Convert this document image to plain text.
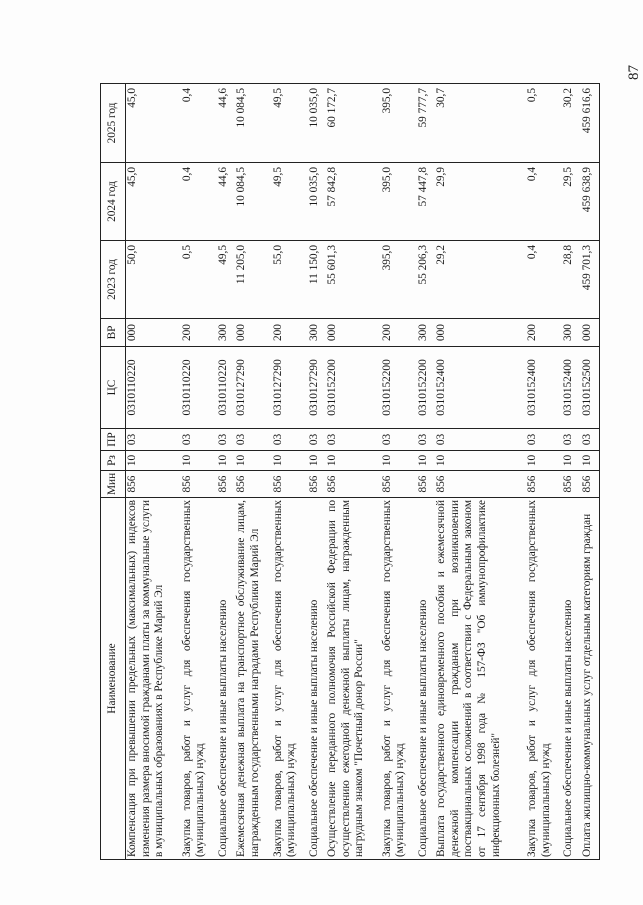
87
Наименование	Мин	Рз	ПР	ЦС	ВР	2023 год	2024 год	2025 год
Компенсация при превышении предельных (максимальных) индексов изменения размера вносимой гражданами платы за коммунальные услуги в муниципальных образованиях в Республике Марий Эл	856	10	03	0310110220	000	50,0	45,0	45,0
Закупка товаров, работ и услуг для обеспечения государственных (муниципальных) нужд	856	10	03	0310110220	200	0,5	0,4	0,4
Социальное обеспечение и иные выплаты населению	856	10	03	0310110220	300	49,5	44,6	44,6
Ежемесячная денежная выплата на транспортное обслуживание лицам, награжденным государственными наградами Республики Марий Эл	856	10	03	0310127290	000	11 205,0	10 084,5	10 084,5
Закупка товаров, работ и услуг для обеспечения государственных (муниципальных) нужд	856	10	03	0310127290	200	55,0	49,5	49,5
Социальное обеспечение и иные выплаты населению	856	10	03	0310127290	300	11 150,0	10 035,0	10 035,0
Осуществление переданного полномочия Российской Федерации по осуществлению ежегодной денежной выплаты лицам, награжденным нагрудным знаком "Почетный донор России"	856	10	03	0310152200	000	55 601,3	57 842,8	60 172,7
Закупка товаров, работ и услуг для обеспечения государственных (муниципальных) нужд	856	10	03	0310152200	200	395,0	395,0	395,0
Социальное обеспечение и иные выплаты населению	856	10	03	0310152200	300	55 206,3	57 447,8	59 777,7
Выплата государственного единовременного пособия и ежемесячной денежной компенсации гражданам при возникновении поствакцинальных осложнений в соответствии с Федеральным законом от 17 сентября 1998 года № 157-ФЗ "Об иммунопрофилактике инфекционных болезней"	856	10	03	0310152400	000	29,2	29,9	30,7
Закупка товаров, работ и услуг для обеспечения государственных (муниципальных) нужд	856	10	03	0310152400	200	0,4	0,4	0,5
Социальное обеспечение и иные выплаты населению	856	10	03	0310152400	300	28,8	29,5	30,2
Оплата жилищно-коммунальных услуг отдельным категориям граждан	856	10	03	0310152500	000	459 701,3	459 638,9	459 616,6
